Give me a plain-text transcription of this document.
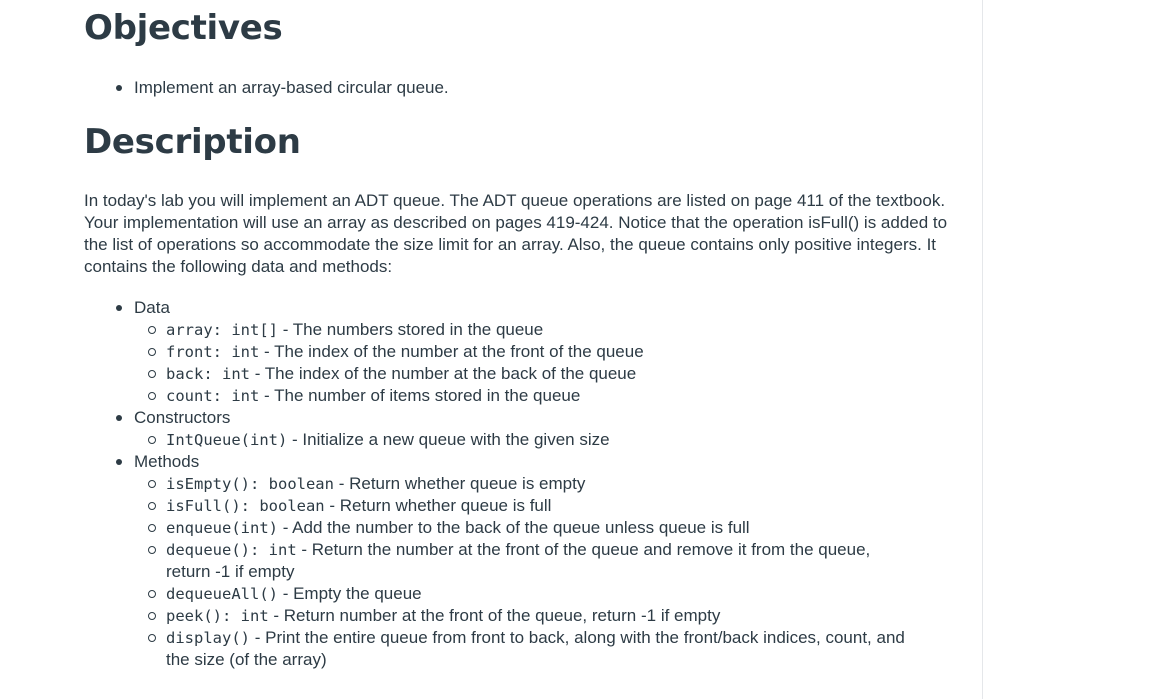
Objectives
Implement an array-based circular queue.
Description

In today's lab you will implement an ADT queue. The ADT queue operations are listed on page 411 of the textbook. Your implementation will use an array as described on pages 419-424. Notice that the operation isFull() is added to the list of operations so accommodate the size limit for an array. Also, the queue contains only positive integers. It contains the following data and methods:

Data
array: int[] - The numbers stored in the queue
front: int - The index of the number at the front of the queue
back: int - The index of the number at the back of the queue
count: int - The number of items stored in the queue
Constructors
IntQueue(int) - Initialize a new queue with the given size
Methods
isEmpty(): boolean - Return whether queue is empty
isFull(): boolean - Return whether queue is full
enqueue(int) - Add the number to the back of the queue unless queue is full
dequeue(): int - Return the number at the front of the queue and remove it from the queue, return -1 if empty
dequeueAll() - Empty the queue
peek(): int - Return number at the front of the queue, return -1 if empty
display() - Print the entire queue from front to back, along with the front/back indices, count, and the size (of the array)
